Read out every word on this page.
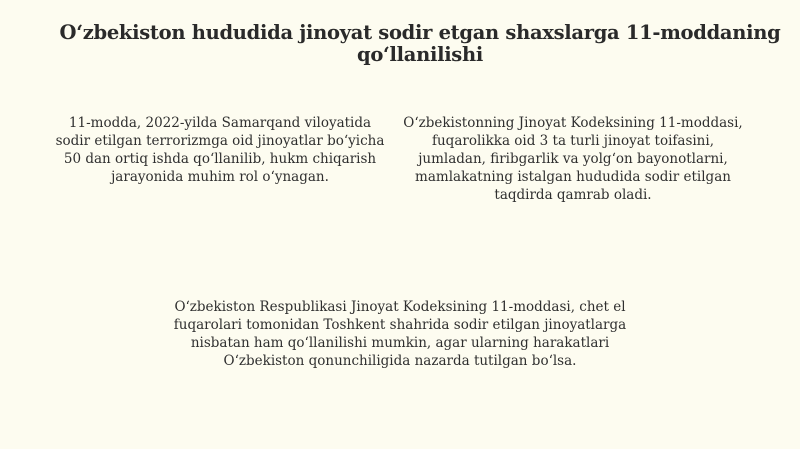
O‘zbekiston hududida jinoyat sodir etgan shaxslarga 11-moddaning qo‘llanilishi

11-modda, 2022-yilda Samarqand viloyatida sodir etilgan terrorizmga oid jinoyatlar bo‘yicha 50 dan ortiq ishda qo‘llanilib, hukm chiqarish jarayonida muhim rol o‘ynagan.

O‘zbekistonning Jinoyat Kodeksining 11-moddasi, fuqarolikka oid 3 ta turli jinoyat toifasini, jumladan, firibgarlik va yolg‘on bayonotlarni, mamlakatning istalgan hududida sodir etilgan taqdirda qamrab oladi.

O‘zbekiston Respublikasi Jinoyat Kodeksining 11-moddasi, chet el fuqarolari tomonidan Toshkent shahrida sodir etilgan jinoyatlarga nisbatan ham qo‘llanilishi mumkin, agar ularning harakatlari O‘zbekiston qonunchiligida nazarda tutilgan bo‘lsa.
